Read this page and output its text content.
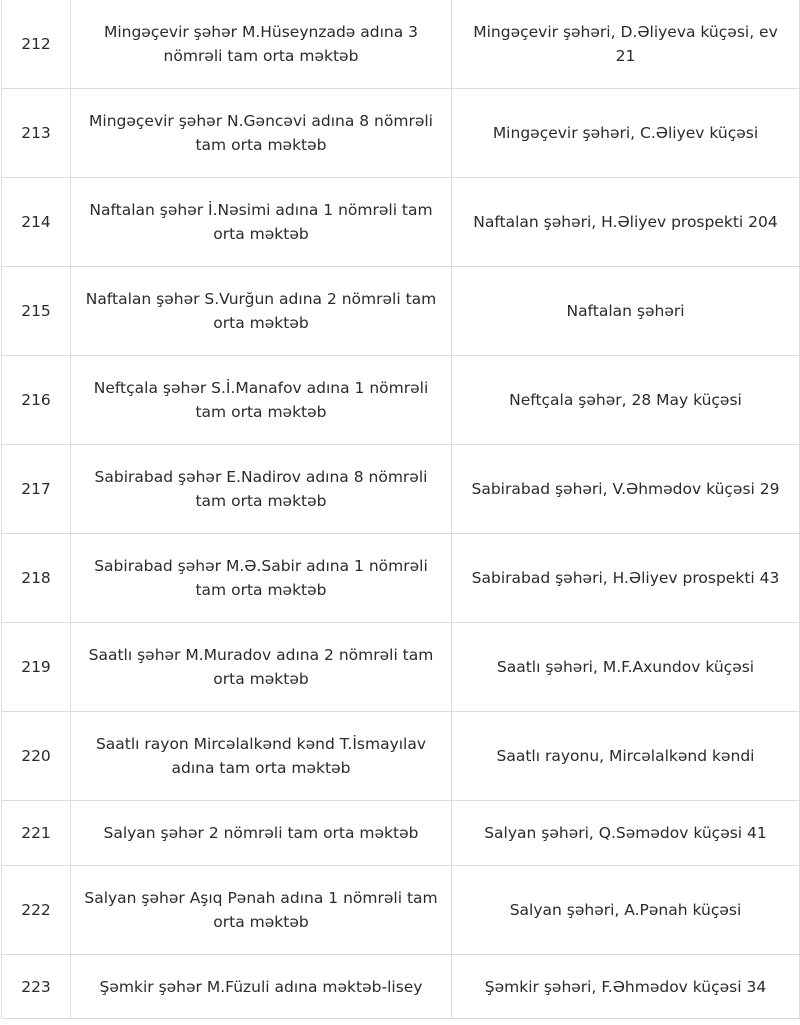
212	Mingəçevir şəhər M.Hüseynzadə adına 3 nömrəli tam orta məktəb	Mingəçevir şəhəri, D.Əliyeva küçəsi, ev 21
213	Mingəçevir şəhər N.Gəncəvi adına 8 nömrəli tam orta məktəb	Mingəçevir şəhəri, C.Əliyev küçəsi
214	Naftalan şəhər İ.Nəsimi adına 1 nömrəli tam orta məktəb	Naftalan şəhəri, H.Əliyev prospekti 204
215	Naftalan şəhər S.Vurğun adına 2 nömrəli tam orta məktəb	Naftalan şəhəri
216	Neftçala şəhər S.İ.Manafov adına 1 nömrəli tam orta məktəb	Neftçala şəhər, 28 May küçəsi
217	Sabirabad şəhər E.Nadirov adına 8 nömrəli tam orta məktəb	Sabirabad şəhəri, V.Əhmədov küçəsi 29
218	Sabirabad şəhər M.Ə.Sabir adına 1 nömrəli tam orta məktəb	Sabirabad şəhəri, H.Əliyev prospekti 43
219	Saatlı şəhər M.Muradov adına 2 nömrəli tam orta məktəb	Saatlı şəhəri, M.F.Axundov küçəsi
220	Saatlı rayon Mircəlalkənd kənd T.İsmayılav adına tam orta məktəb	Saatlı rayonu, Mircəlalkənd kəndi
221	Salyan şəhər 2 nömrəli tam orta məktəb	Salyan şəhəri, Q.Səmədov küçəsi 41
222	Salyan şəhər Aşıq Pənah adına 1 nömrəli tam orta məktəb	Salyan şəhəri, A.Pənah küçəsi
223	Şəmkir şəhər M.Füzuli adına məktəb-lisey	Şəmkir şəhəri, F.Əhmədov küçəsi 34
